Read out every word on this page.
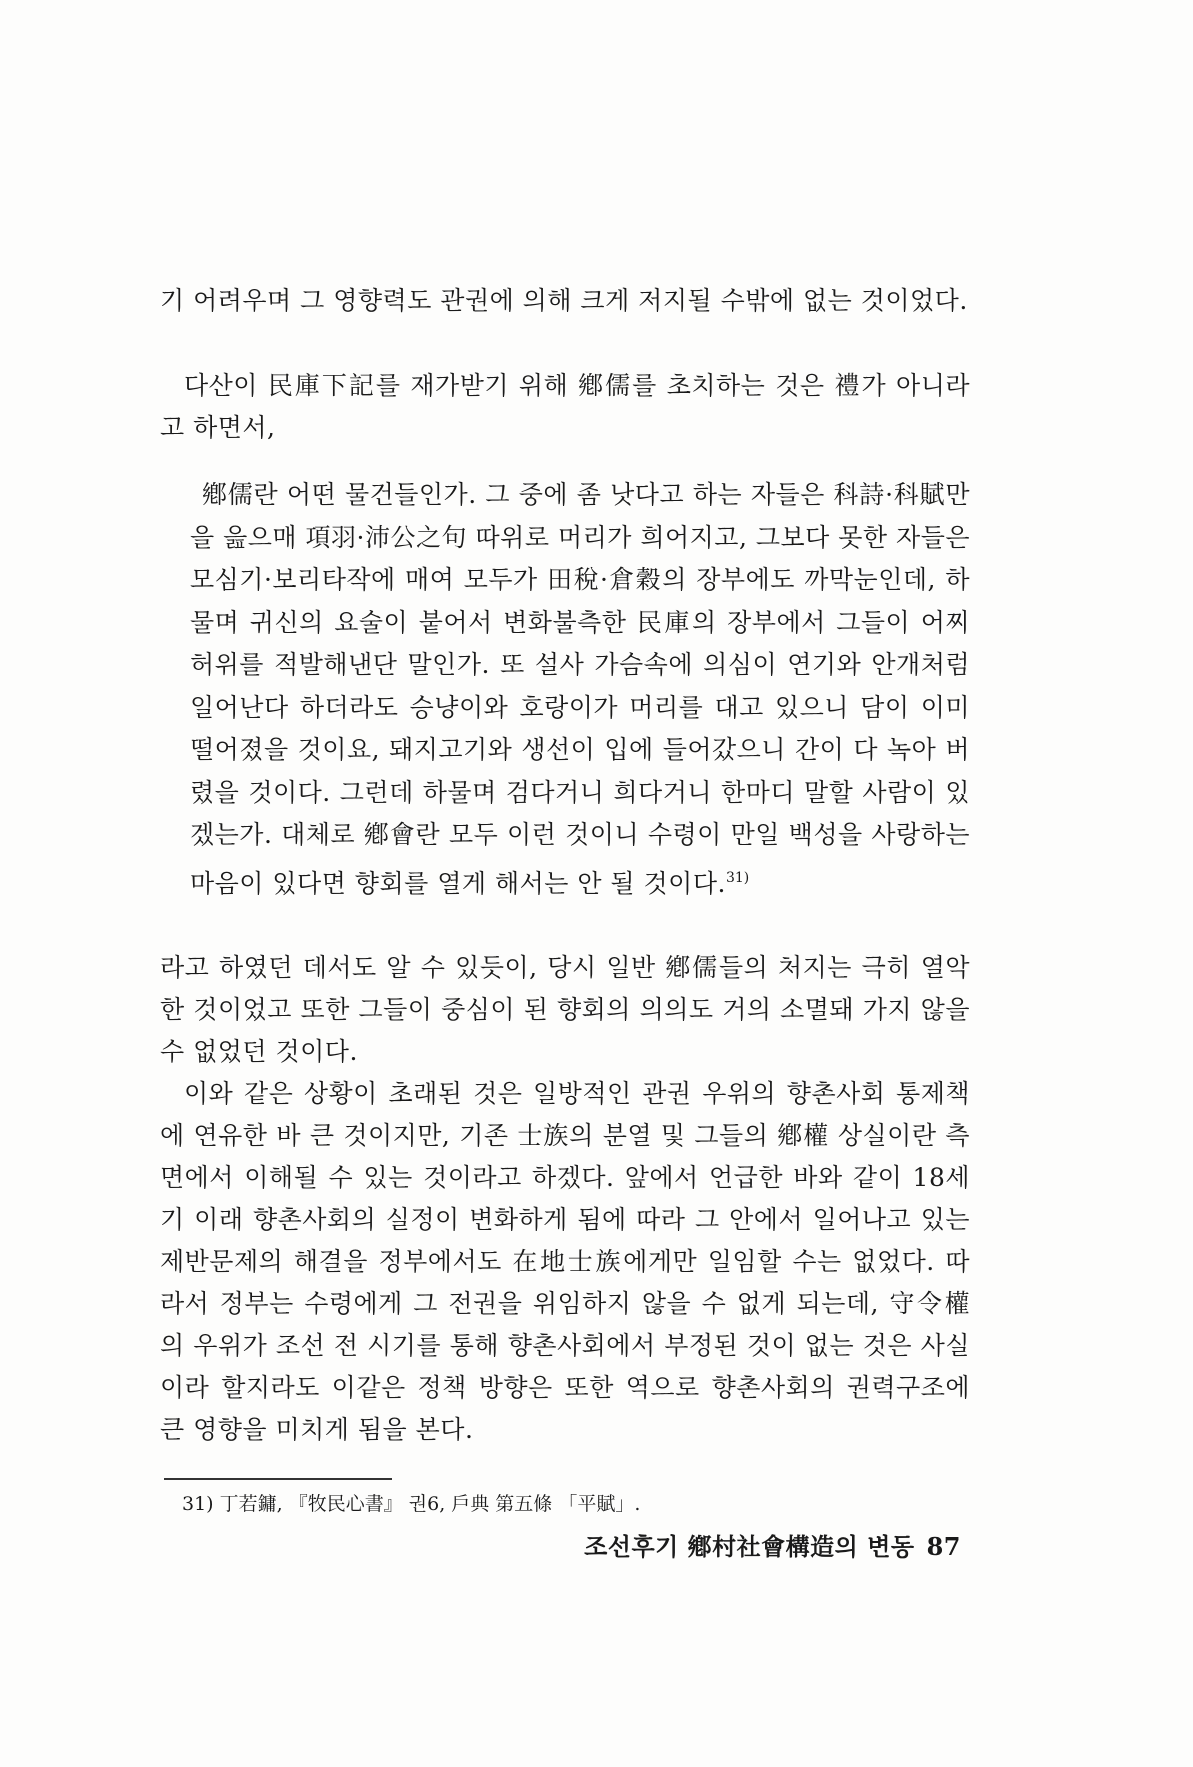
기 어려우며 그 영향력도 관권에 의해 크게 저지될 수밖에 없는 것이었다.

다산이 民庫下記를 재가받기 위해 鄕儒를 초치하는 것은 禮가 아니라고 하면서,

鄕儒란 어떤 물건들인가. 그 중에 좀 낫다고 하는 자들은 科詩·科賦만을 읊으매 項羽·沛公之句 따위로 머리가 희어지고, 그보다 못한 자들은 모심기·보리타작에 매여 모두가 田稅·倉穀의 장부에도 까막눈인데, 하물며 귀신의 요술이 붙어서 변화불측한 民庫의 장부에서 그들이 어찌 허위를 적발해낸단 말인가. 또 설사 가슴속에 의심이 연기와 안개처럼 일어난다 하더라도 승냥이와 호랑이가 머리를 대고 있으니 담이 이미 떨어졌을 것이요, 돼지고기와 생선이 입에 들어갔으니 간이 다 녹아 버렸을 것이다. 그런데 하물며 검다거니 희다거니 한마디 말할 사람이 있겠는가. 대체로 鄕會란 모두 이런 것이니 수령이 만일 백성을 사랑하는 마음이 있다면 향회를 열게 해서는 안 될 것이다.$^{31)}$

라고 하였던 데서도 알 수 있듯이, 당시 일반 鄕儒들의 처지는 극히 열악한 것이었고 또한 그들이 중심이 된 향회의 의의도 거의 소멸돼 가지 않을 수 없었던 것이다.

이와 같은 상황이 초래된 것은 일방적인 관권 우위의 향촌사회 통제책에 연유한 바 큰 것이지만, 기존 士族의 분열 및 그들의 鄕權 상실이란 측면에서 이해될 수 있는 것이라고 하겠다. 앞에서 언급한 바와 같이 18세기 이래 향촌사회의 실정이 변화하게 됨에 따라 그 안에서 일어나고 있는 제반문제의 해결을 정부에서도 在地士族에게만 일임할 수는 없었다. 따라서 정부는 수령에게 그 전권을 위임하지 않을 수 없게 되는데, 守令權의 우위가 조선 전 시기를 통해 향촌사회에서 부정된 것이 없는 것은 사실이라 할지라도 이같은 정책 방향은 또한 역으로 향촌사회의 권력구조에 큰 영향을 미치게 됨을 본다.

31) 丁若鏞, 『牧民心書』 권6, 戶典 第五條 「平賦」.
조선후기 鄕村社會構造의 변동 87
